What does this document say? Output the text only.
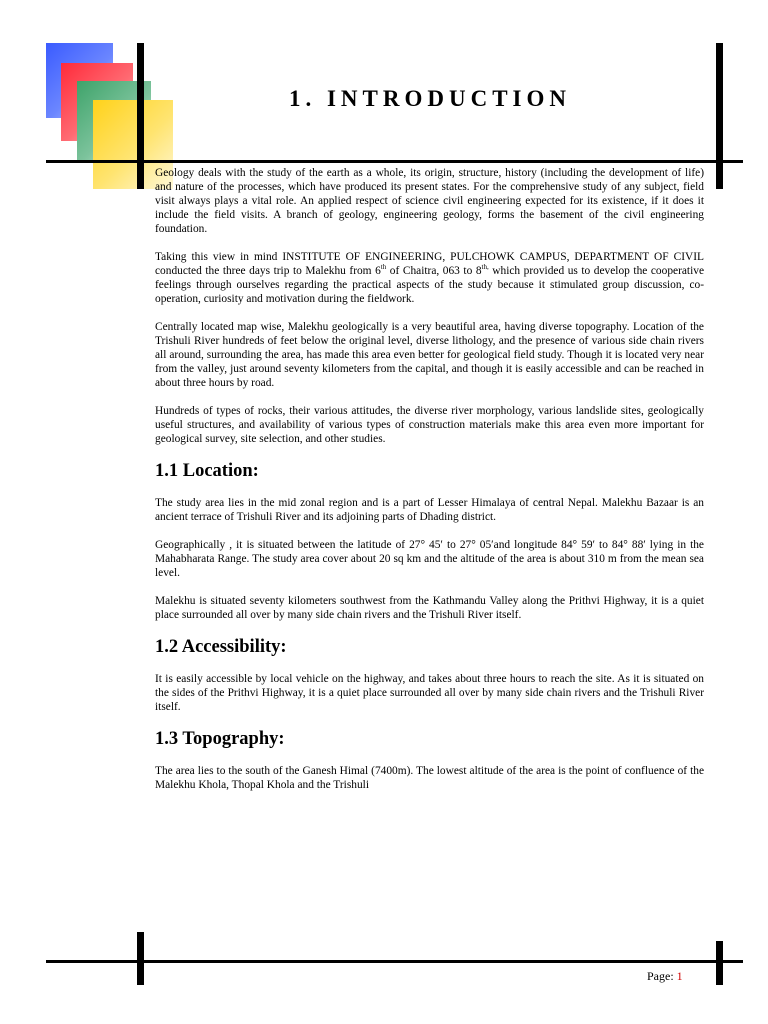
1. INTRODUCTION

Geology deals with the study of the earth as a whole, its origin, structure, history (including the development of life) and nature of the processes, which have produced its present states. For the comprehensive study of any subject, field visit always plays a vital role. An applied respect of science civil engineering expected for its existence, if it does it include the field visits. A branch of geology, engineering geology, forms the basement of the civil engineering foundation.

Taking this view in mind INSTITUTE OF ENGINEERING, PULCHOWK CAMPUS, DEPARTMENT OF CIVIL conducted the three days trip to Malekhu from 6th of Chaitra, 063 to $8^{th,}$ which provided us to develop the cooperative feelings through ourselves regarding the practical aspects of the study because it stimulated group discussion, co-operation, curiosity and motivation during the fieldwork.

Centrally located map wise, Malekhu geologically is a very beautiful area, having diverse topography. Location of the Trishuli River hundreds of feet below the original level, diverse lithology, and the presence of various side chain rivers all around, surrounding the area, has made this area even better for geological field study. Though it is located very near from the valley, just around seventy kilometers from the capital, and though it is easily accessible and can be reached in about three hours by road.

Hundreds of types of rocks, their various attitudes, the diverse river morphology, various landslide sites, geologically useful structures, and availability of various types of construction materials make this area even more important for geological survey, site selection, and other studies.

1.1 Location:

The study area lies in the mid zonal region and is a part of Lesser Himalaya of central Nepal. Malekhu Bazaar is an ancient terrace of Trishuli River and its adjoining parts of Dhading district.

Geographically , it is situated between the latitude of 27° 45′ to 27° 05′and longitude 84° 59′ to 84° 88′ lying in the Mahabharata Range. The study area cover about 20 sq km and the altitude of the area is about 310 m from the mean sea level.

Malekhu is situated seventy kilometers southwest from the Kathmandu Valley along the Prithvi Highway, it is a quiet place surrounded all over by many side chain rivers and the Trishuli River itself.

1.2 Accessibility:

It is easily accessible by local vehicle on the highway, and takes about three hours to reach the site. As it is situated on the sides of the Prithvi Highway, it is a quiet place surrounded all over by many side chain rivers and the Trishuli River itself.

1.3 Topography:

The area lies to the south of the Ganesh Himal (7400m). The lowest altitude of the area is the point of confluence of the Malekhu Khola, Thopal Khola and the Trishuli

Page: 1
